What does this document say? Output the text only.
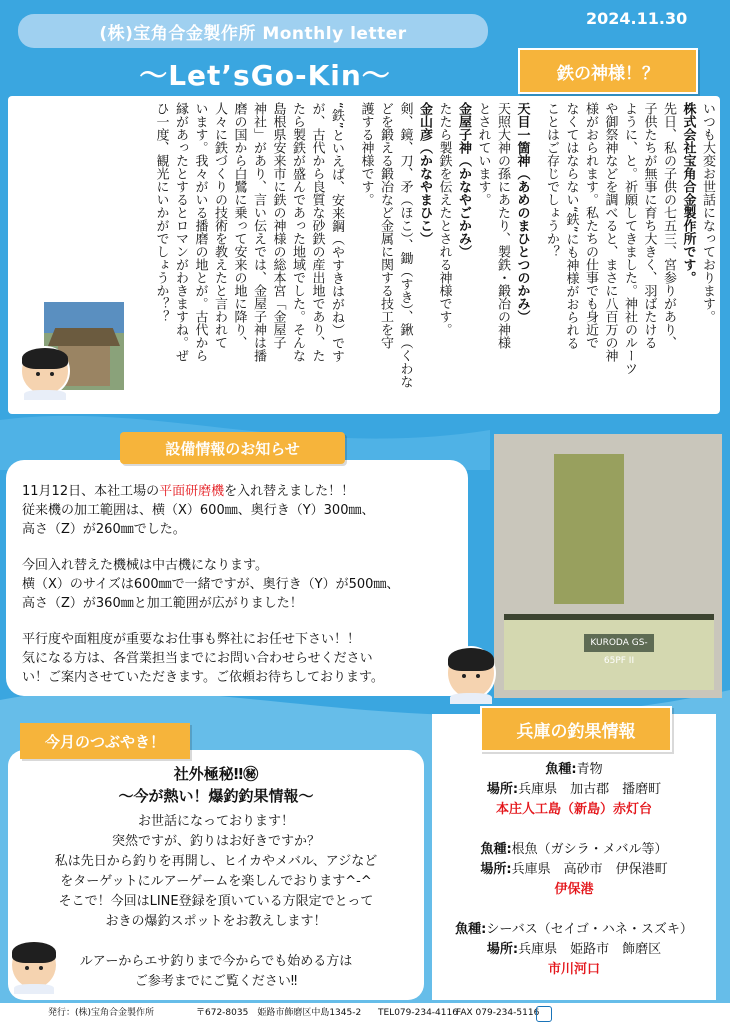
(株)宝角合金製作所 Monthly letter
2024.11.30
〜Let’sGo-Kin〜
いつも大変お世話になっております。
株式会社宝角合金製作所です。
先日、私の子供の七五三、宮参りがあり、
子供たちが無事に育ち大きく、羽ばたける
ように、と。祈願してきました。神社のルーツ
や御祭神などを調べると、まさに八百万の神
様がおられます。私たちの仕事でも身近で
なくてはならない“鉄”にも神様がおられる
ことはご存じでしょうか？
天目一箇神（あめのまひとつのかみ）
天照大神の孫にあたり、製鉄・鍛冶の神様
とされています。
金屋子神（かなやごかみ）
たたら製鉄を伝えたとされる神様です。
金山彦（かなやまひこ）
剣、鏡、刀、矛（ほこ）、鋤（すき）、鍬（くわな
どを鍛える鍛冶など金属に関する技工を守
護する神様です。
“鉄”といえば、安来鋼（やすきはがね）です
が、古代から良質な砂鉄の産出地であり、た
たら製鉄が盛んであった地域でした。そんな
島根県安来市に鉄の神様の総本宮「金屋子
神社」があり、言い伝えでは、金屋子神は播
磨の国から白鷺に乗って安来の地に降り、
人々に鉄づくりの技術を教えたと言われて
います。我々がいる播磨の地とが。古代から
縁があったとするとロマンがわきますね。ぜ
ひ一度、観光にいかがでしょうか？？
鉄の神様！？
11月12日、本社工場の平面研磨機を入れ替えました！！
従来機の加工範囲は、横（X）600㎜、奥行き（Y）300㎜、
高さ（Z）が260㎜でした。
今回入れ替えた機械は中古機になります。
横（X）のサイズは600㎜で一緒ですが、奥行き（Y）が500㎜、
高さ（Z）が360㎜と加工範囲が広がりました！
平行度や面粗度が重要なお仕事も弊社にお任せ下さい！！
気になる方は、各営業担当までにお問い合わせらせください
い！ご案内させていただきます。ご依頼お待ちしております。
設備情報のお知らせ
KURODA GS-65PF II
社外極秘‼㊙
〜今が熱い！爆釣釣果情報〜
お世話になっております！
突然ですが、釣りはお好きですか？
私は先日から釣りを再開し、ヒイカやメバル、アジなど
をターゲットにルアーゲームを楽しんでおります^-^
そこで！今回はLINE登録を頂いている方限定でとって
おきの爆釣スポットをお教えします！
ルアーからエサ釣りまで今からでも始める方は
ご参考までにご覧ください‼
今月のつぶやき！
魚種:青物
場所:兵庫県　加古郡　播磨町
本庄人工島（新島）赤灯台
魚種:根魚（ガシラ・メバル等）
場所:兵庫県　高砂市　伊保港町
伊保港
魚種:シーバス（セイゴ・ハネ・スズキ）
場所:兵庫県　姫路市　飾磨区
市川河口
兵庫の釣果情報
発行：(株)宝角合金製作所	〒672-8035　姫路市飾磨区中島1345-2 TEL079-234-4116
FAX 079-234-5116
